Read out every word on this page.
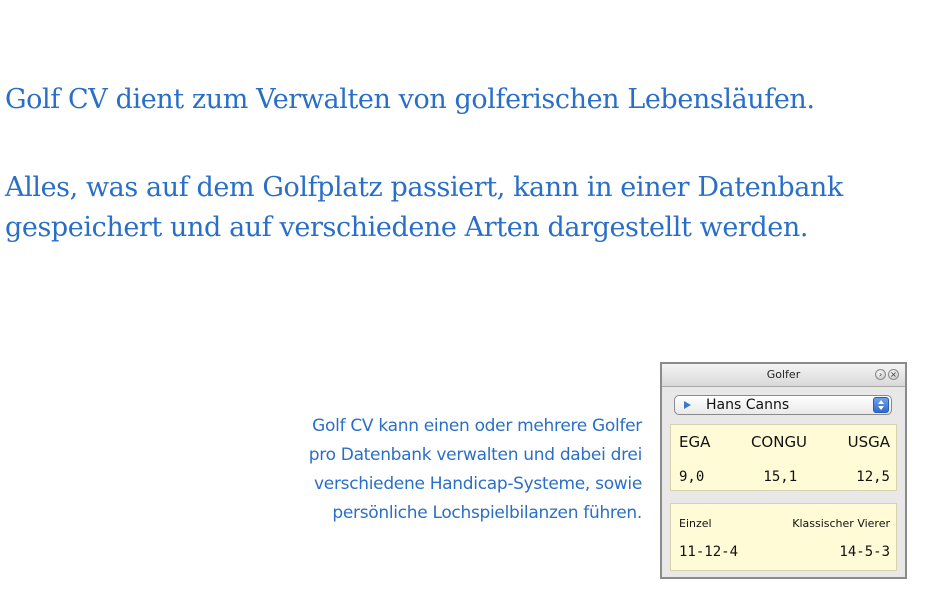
Golf CV dient zum Verwalten von golferischen Lebensläufen.

Alles, was auf dem Golfplatz passiert, kann in einer Datenbank

gespeichert und auf verschiedene Arten dargestellt werden.

Golf CV kann einen oder mehrere Golfer
pro Datenbank verwalten und dabei drei
verschiedene Handicap-Systeme, sowie
persönliche Lochspielbilanzen führen.
Golfer	›	×
Hans Canns
EGA	CONGU	USGA
9,0	15,1	12,5
Einzel	Klassischer Vierer
11-12-4	14-5-3
